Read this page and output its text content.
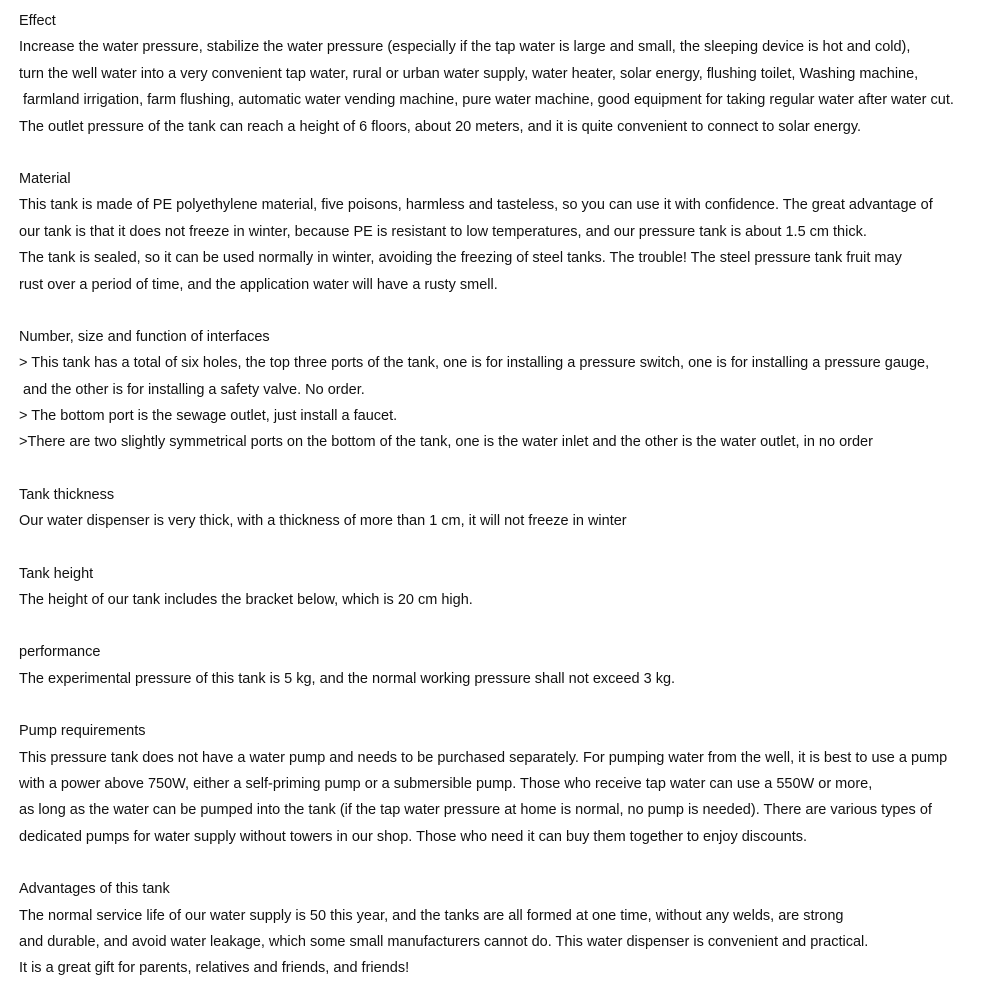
Effect
Increase the water pressure, stabilize the water pressure (especially if the tap water is large and small, the sleeping device is hot and cold),
turn the well water into a very convenient tap water, rural or urban water supply, water heater, solar energy, flushing toilet, Washing machine,
farmland irrigation, farm flushing, automatic water vending machine, pure water machine, good equipment for taking regular water after water cut.
The outlet pressure of the tank can reach a height of 6 floors, about 20 meters, and it is quite convenient to connect to solar energy.
Material
This tank is made of PE polyethylene material, five poisons, harmless and tasteless, so you can use it with confidence. The great advantage of
our tank is that it does not freeze in winter, because PE is resistant to low temperatures, and our pressure tank is about 1.5 cm thick.
The tank is sealed, so it can be used normally in winter, avoiding the freezing of steel tanks. The trouble! The steel pressure tank fruit may
rust over a period of time, and the application water will have a rusty smell.
Number, size and function of interfaces
> This tank has a total of six holes, the top three ports of the tank, one is for installing a pressure switch, one is for installing a pressure gauge,
and the other is for installing a safety valve. No order.
> The bottom port is the sewage outlet, just install a faucet.
>There are two slightly symmetrical ports on the bottom of the tank, one is the water inlet and the other is the water outlet, in no order
Tank thickness
Our water dispenser is very thick, with a thickness of more than 1 cm, it will not freeze in winter
Tank height
The height of our tank includes the bracket below, which is 20 cm high.
performance
The experimental pressure of this tank is 5 kg, and the normal working pressure shall not exceed 3 kg.
Pump requirements
This pressure tank does not have a water pump and needs to be purchased separately. For pumping water from the well, it is best to use a pump
with a power above 750W, either a self-priming pump or a submersible pump. Those who receive tap water can use a 550W or more,
as long as the water can be pumped into the tank (if the tap water pressure at home is normal, no pump is needed). There are various types of
dedicated pumps for water supply without towers in our shop. Those who need it can buy them together to enjoy discounts.
Advantages of this tank
The normal service life of our water supply is 50 this year, and the tanks are all formed at one time, without any welds, are strong
and durable, and avoid water leakage, which some small manufacturers cannot do. This water dispenser is convenient and practical.
It is a great gift for parents, relatives and friends, and friends!
